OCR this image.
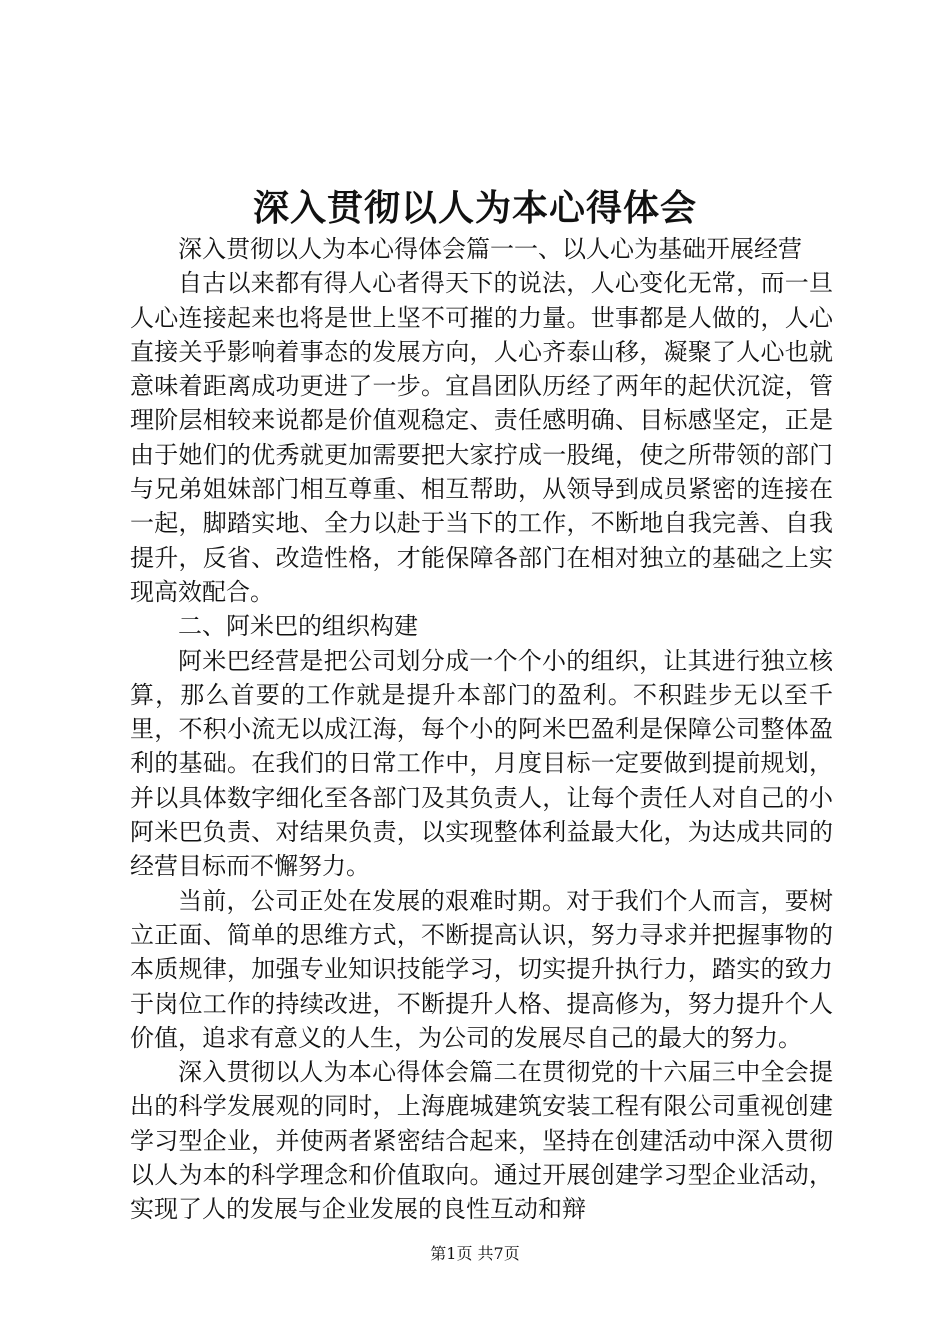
深入贯彻以人为本心得体会

深入贯彻以人为本心得体会篇一一、以人心为基础开展经营

自古以来都有得人心者得天下的说法，人心变化无常，而一旦人心连接起来也将是世上坚不可摧的力量。世事都是人做的，人心直接关乎影响着事态的发展方向，人心齐泰山移，凝聚了人心也就意味着距离成功更进了一步。宜昌团队历经了两年的起伏沉淀，管理阶层相较来说都是价值观稳定、责任感明确、目标感坚定，正是由于她们的优秀就更加需要把大家拧成一股绳，使之所带领的部门与兄弟姐妹部门相互尊重、相互帮助，从领导到成员紧密的连接在一起，脚踏实地、全力以赴于当下的工作，不断地自我完善、自我提升，反省、改造性格，才能保障各部门在相对独立的基础之上实现高效配合。

二、阿米巴的组织构建

阿米巴经营是把公司划分成一个个小的组织，让其进行独立核算，那么首要的工作就是提升本部门的盈利。不积跬步无以至千里，不积小流无以成江海，每个小的阿米巴盈利是保障公司整体盈利的基础。在我们的日常工作中，月度目标一定要做到提前规划，并以具体数字细化至各部门及其负责人，让每个责任人对自己的小阿米巴负责、对结果负责，以实现整体利益最大化，为达成共同的经营目标而不懈努力。

当前，公司正处在发展的艰难时期。对于我们个人而言，要树立正面、简单的思维方式，不断提高认识，努力寻求并把握事物的本质规律，加强专业知识技能学习，切实提升执行力，踏实的致力于岗位工作的持续改进，不断提升人格、提高修为，努力提升个人价值，追求有意义的人生，为公司的发展尽自己的最大的努力。

深入贯彻以人为本心得体会篇二在贯彻党的十六届三中全会提出的科学发展观的同时，上海鹿城建筑安装工程有限公司重视创建学习型企业，并使两者紧密结合起来，坚持在创建活动中深入贯彻以人为本的科学理念和价值取向。通过开展创建学习型企业活动，实现了人的发展与企业发展的良性互动和辩

第1页 共7页
